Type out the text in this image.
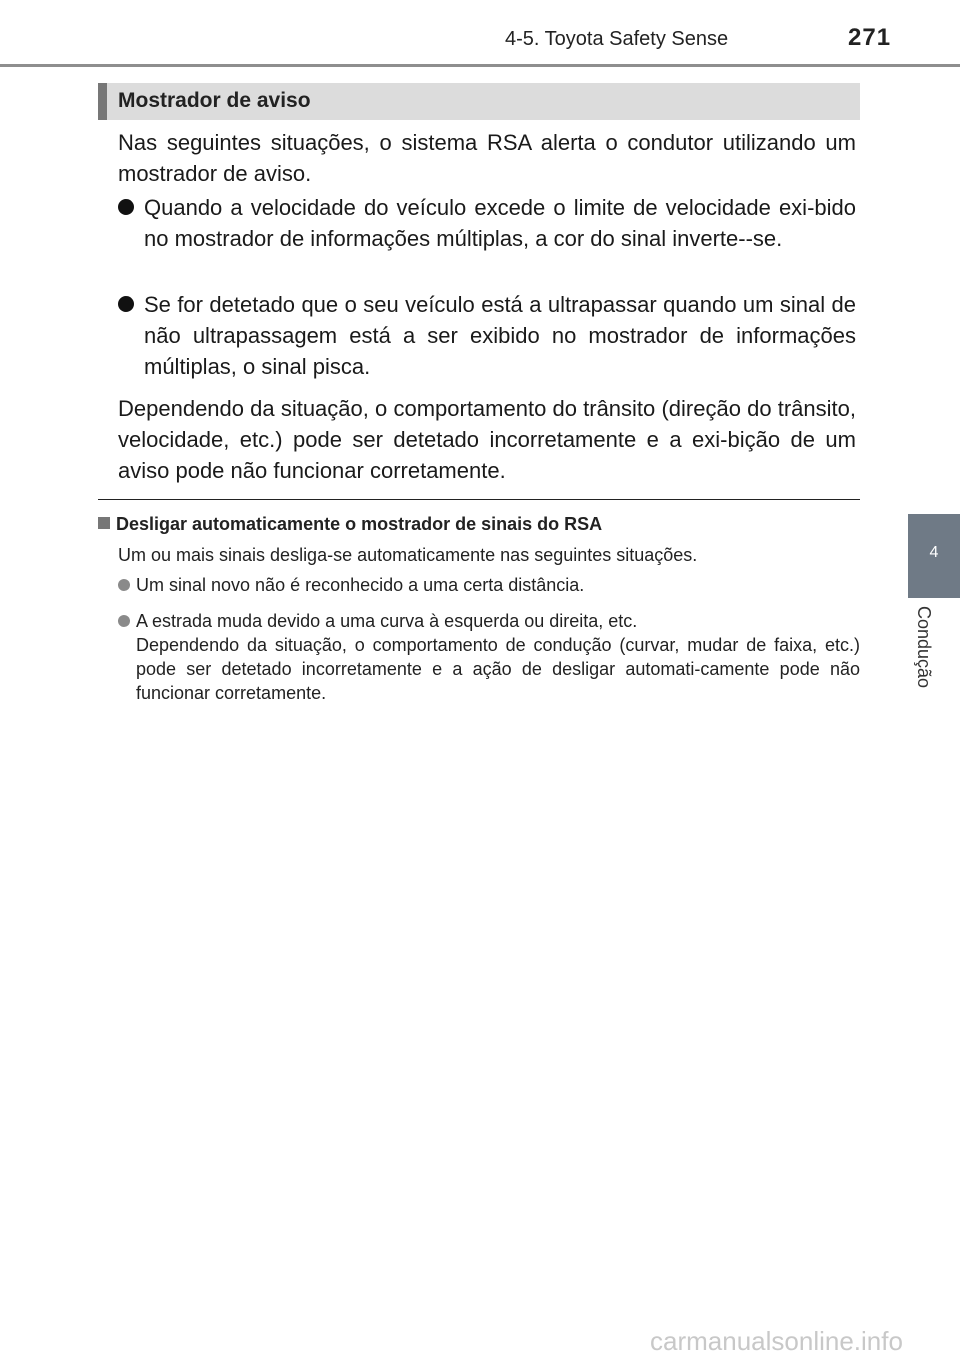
4-5. Toyota Safety Sense	271
4
Condução
Mostrador de aviso
Nas seguintes situações, o sistema RSA alerta o condutor utilizando um mostrador de aviso.
Quando a velocidade do veículo excede o limite de velocidade exi-bido no mostrador de informações múltiplas, a cor do sinal inverte--se.
Se for detetado que o seu veículo está a ultrapassar quando um sinal de não ultrapassagem está a ser exibido no mostrador de informações múltiplas, o sinal pisca.
Dependendo da situação, o comportamento do trânsito (direção do trânsito, velocidade, etc.) pode ser detetado incorretamente e a exi-bição de um aviso pode não funcionar corretamente.
Desligar automaticamente o mostrador de sinais do RSA
Um ou mais sinais desliga-se automaticamente nas seguintes situações.
Um sinal novo não é reconhecido a uma certa distância.
A estrada muda devido a uma curva à esquerda ou direita, etc.
Dependendo da situação, o comportamento de condução (curvar, mudar de faixa, etc.) pode ser detetado incorretamente e a ação de desligar automati-camente pode não funcionar corretamente.
carmanualsonline.info
